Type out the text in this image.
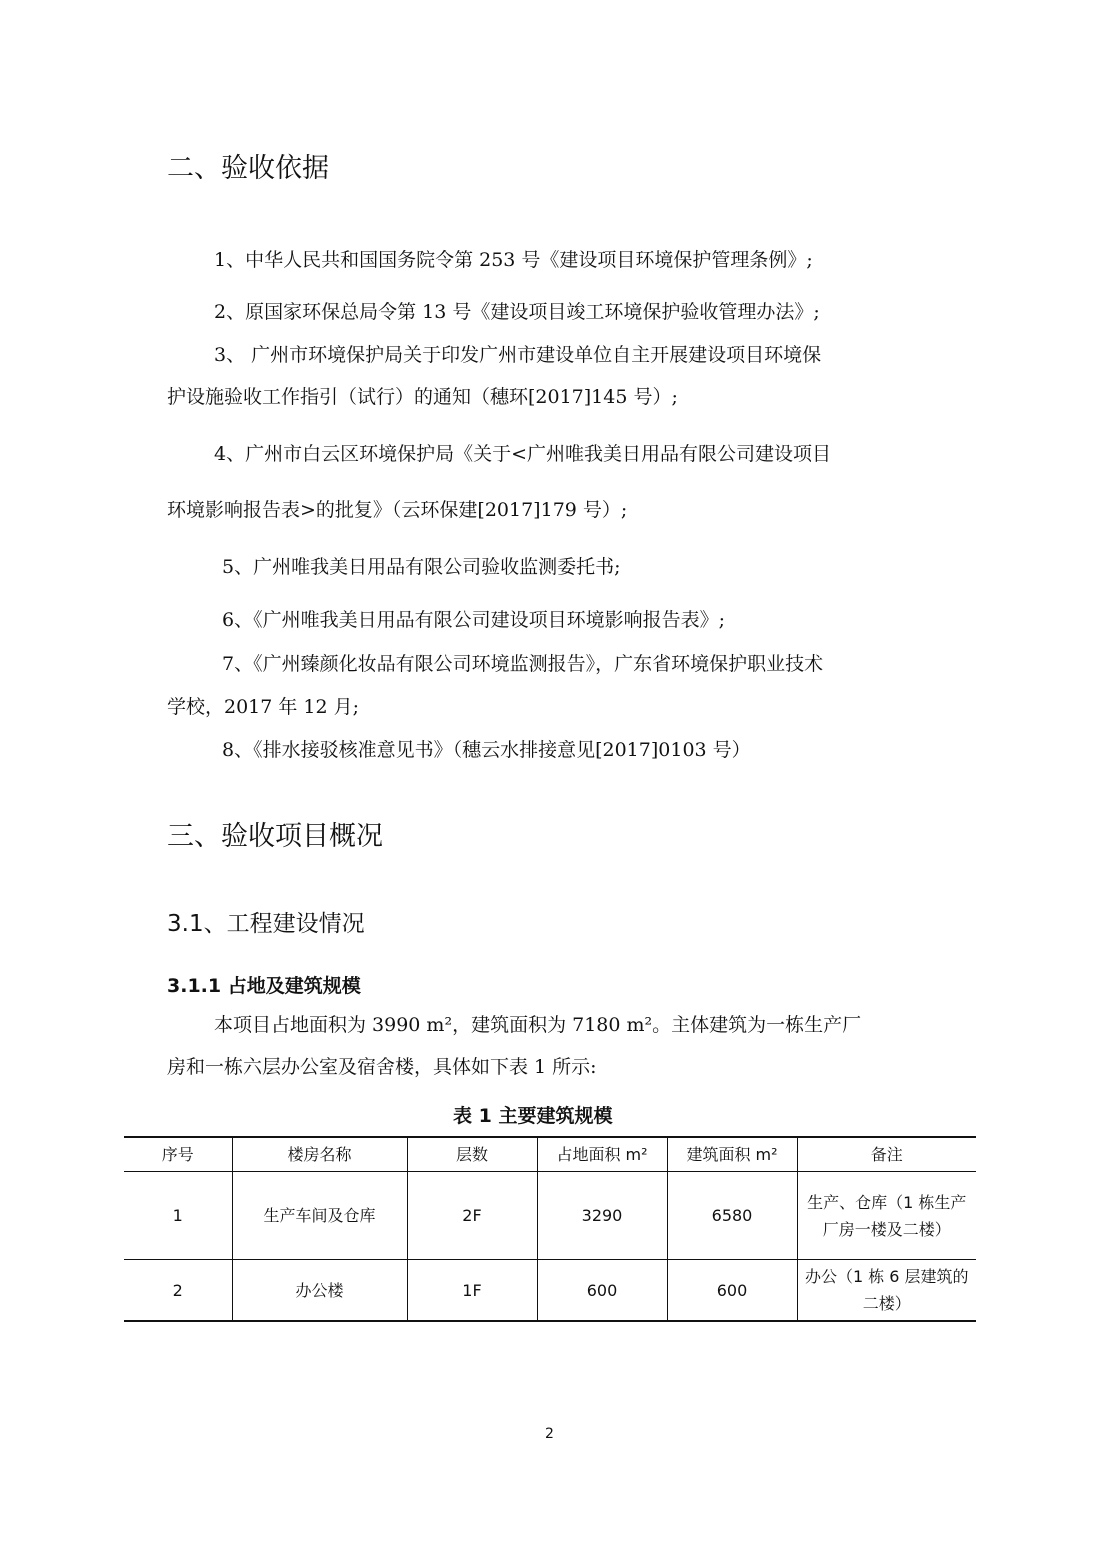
二、验收依据
1、中华人民共和国国务院令第 253 号《建设项目环境保护管理条例》;
2、原国家环保总局令第 13 号《建设项目竣工环境保护验收管理办法》;
3、 广州市环境保护局关于印发广州市建设单位自主开展建设项目环境保
护设施验收工作指引（试行）的通知（穗环[2017]145 号）;
4、广州市白云区环境保护局《关于<广州唯我美日用品有限公司建设项目
环境影响报告表>的批复》（云环保建[2017]179 号）;
5、广州唯我美日用品有限公司验收监测委托书;
6、《广州唯我美日用品有限公司建设项目环境影响报告表》;
7、《广州臻颜化妆品有限公司环境监测报告》，广东省环境保护职业技术
学校，2017 年 12 月;
8、《排水接驳核准意见书》（穗云水排接意见[2017]0103 号）
三、验收项目概况
3.1、工程建设情况
3.1.1 占地及建筑规模
本项目占地面积为 3990 m²，建筑面积为 7180 m²。主体建筑为一栋生产厂
房和一栋六层办公室及宿舍楼，具体如下表 1 所示:
表 1 主要建筑规模
序号	楼房名称	层数	占地面积 m²	建筑面积 m²	备注
1	生产车间及仓库	2F	3290	6580	生产、仓库（1 栋生产厂房一楼及二楼）
2	办公楼	1F	600	600	办公（1 栋 6 层建筑的二楼）
2
